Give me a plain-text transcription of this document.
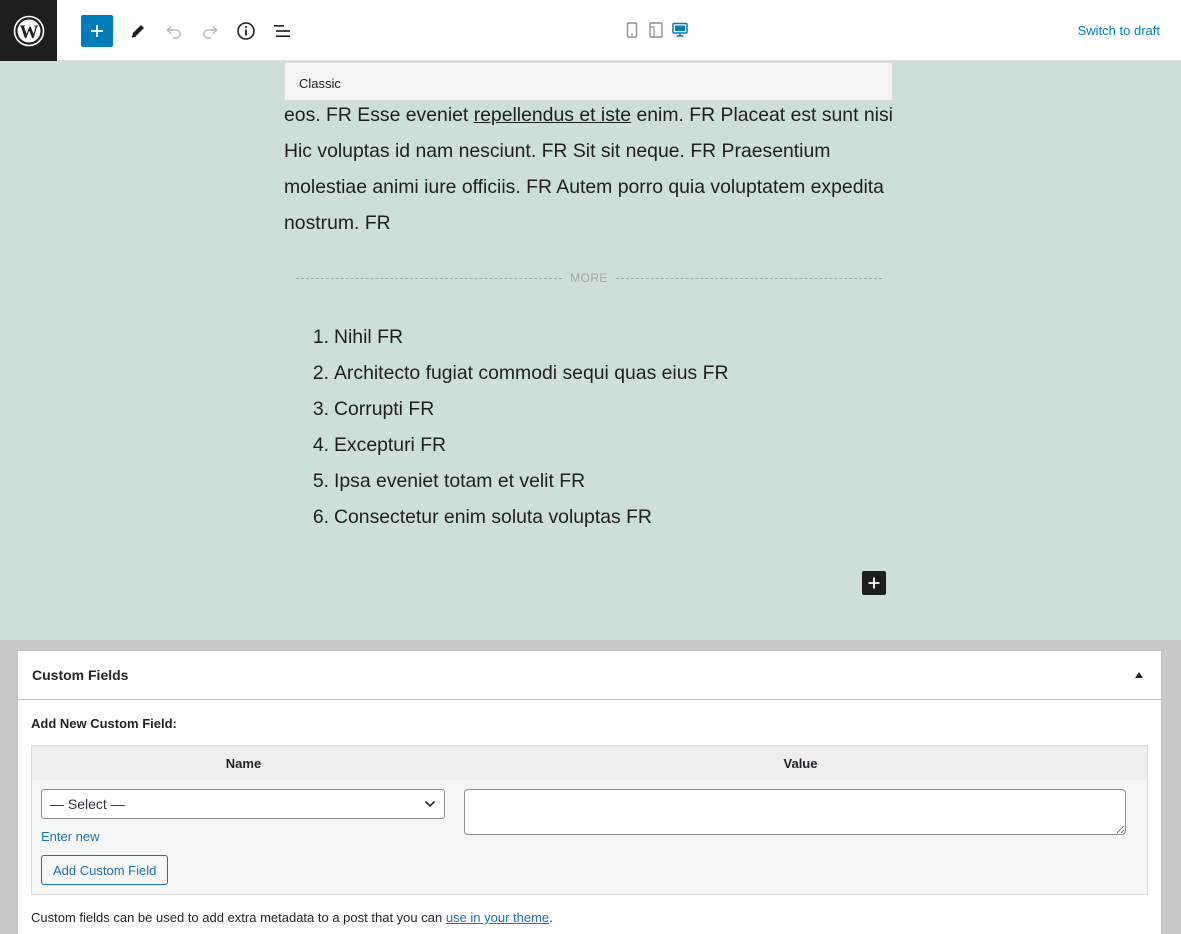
W	Switch to draft
Classic

eos. FR Esse eveniet repellendus et iste enim. FR Placeat est sunt nisi Hic voluptas id nam nesciunt. FR Sit sit neque. FR Praesentium molestiae animi iure officiis. FR Autem porro quia voluptatem expedita nostrum. FR

MORE
1. Nihil FR
2. Architecto fugiat commodi sequi quas eius FR
3. Corrupti FR
4. Excepturi FR
5. Ipsa eveniet totam et velit FR
6. Consectetur enim soluta voluptas FR
Custom Fields
Add New Custom Field:
Name	Value
— Select —
Enter new
Add Custom Field

Custom fields can be used to add extra metadata to a post that you can use in your theme.
